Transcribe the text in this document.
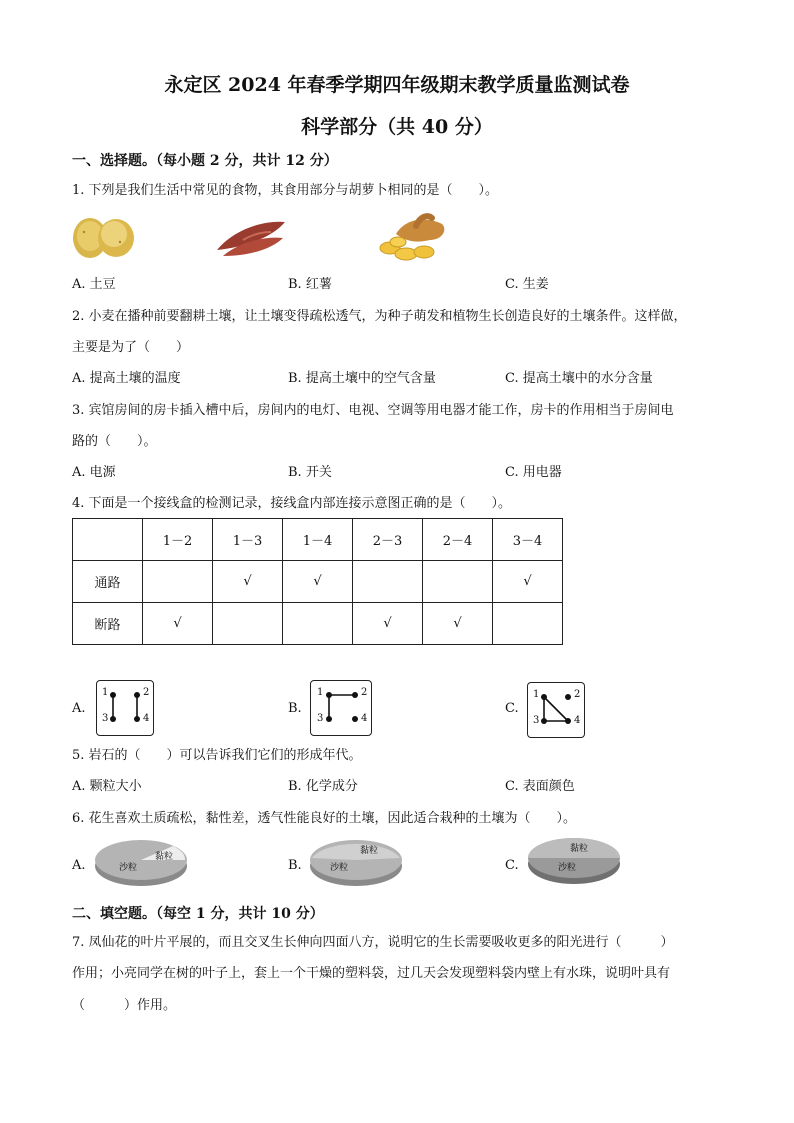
永定区 2024 年春季学期四年级期末教学质量监测试卷
科学部分（共 40 分）
一、选择题。（每小题 2 分，共计 12 分）
1. 下列是我们生活中常见的食物，其食用部分与胡萝卜相同的是（　　）。
A. 土豆	B. 红薯	C. 生姜
2. 小麦在播种前要翻耕土壤，让土壤变得疏松透气，为种子萌发和植物生长创造良好的土壤条件。这样做，
主要是为了（　　）
A. 提高土壤的温度	B. 提高土壤中的空气含量	C. 提高土壤中的水分含量
3. 宾馆房间的房卡插入槽中后，房间内的电灯、电视、空调等用电器才能工作，房卡的作用相当于房间电
路的（　　）。
A. 电源	B. 开关	C. 用电器
4. 下面是一个接线盒的检测记录，接线盒内部连接示意图正确的是（　　）。
	1－2	1－3	1－4	2－3	2－4	3－4
通路		√	√			√
断路	√			√	√	
A.
1	2
3	4
B.
1	2
3	4
C.
1	2
3	4
5. 岩石的（　　）可以告诉我们它们的形成年代。
A. 颗粒大小	B. 化学成分	C. 表面颜色
6. 花生喜欢土质疏松，黏性差，透气性能良好的土壤，因此适合栽种的土壤为（　　）。
A.	沙粒
黏粒
B.
黏粒
沙粒	C.
黏粒
沙粒
二、填空题。（每空 1 分，共计 10 分）
7. 凤仙花的叶片平展的，而且交叉生长伸向四面八方，说明它的生长需要吸收更多的阳光进行（　　　）
作用；小亮同学在树的叶子上，套上一个干燥的塑料袋，过几天会发现塑料袋内壁上有水珠，说明叶具有
（　　　）作用。
